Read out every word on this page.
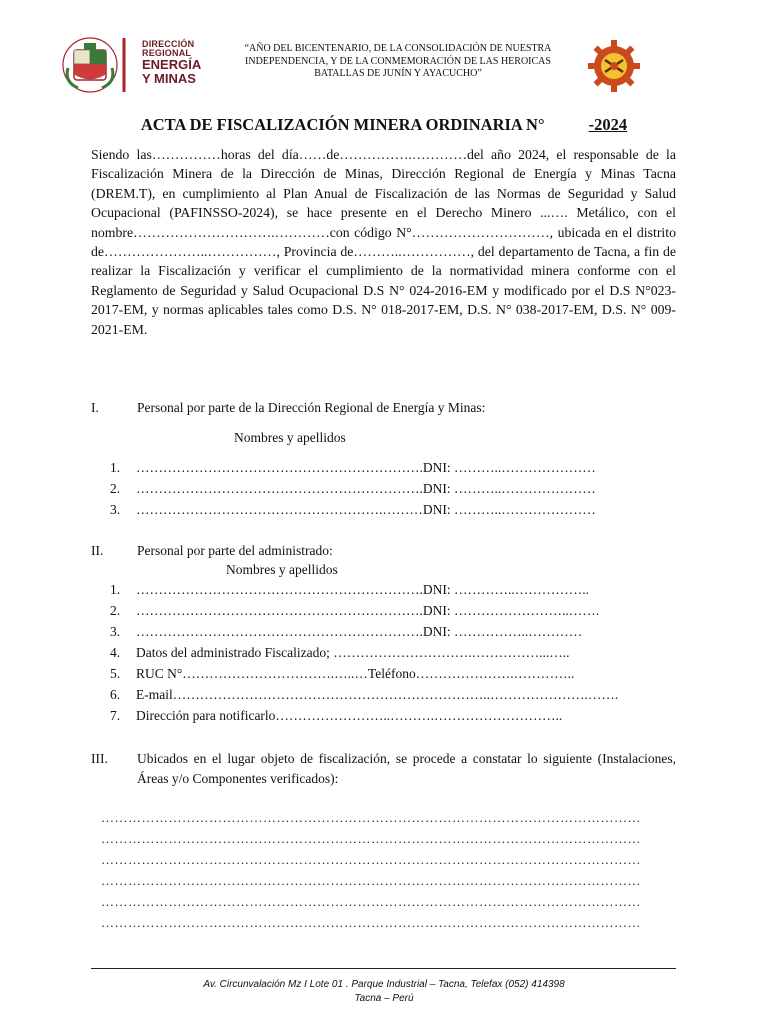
DIRECCIÓN
REGIONAL
ENERGÍA
Y MINAS
“AÑO DEL BICENTENARIO, DE LA CONSOLIDACIÓN DE NUESTRA
INDEPENDENCIA, Y DE LA CONMEMORACIÓN DE LAS HEROICAS
BATALLAS DE JUNÍN Y AYACUCHO”
ACTA DE FISCALIZACIÓN MINERA ORDINARIA N°	-2024
Siendo las……………horas del día……de…………….…………del año 2024, el responsable de la Fiscalización Minera de la Dirección de Minas, Dirección Regional de Energía y Minas Tacna (DREM.T), en cumplimiento al Plan Anual de Fiscalización de las Normas de Seguridad y Salud Ocupacional (PAFINSSO-2024), se hace presente en el Derecho Minero ...…. Metálico, con el nombre………………………….…………con código N°…………………………, ubicada en el distrito de…………………..……………, Provincia de………..……………, del departamento de Tacna, a fin de realizar la Fiscalización y verificar el cumplimiento de la normatividad minera conforme con el Reglamento de Seguridad y Salud Ocupacional D.S N° 024-2016-EM y modificado por el D.S N°023-2017-EM, y normas aplicables tales como D.S. N° 018-2017-EM, D.S. N° 038-2017-EM, D.S. N° 009-2021-EM.
I.	Personal por parte de la Dirección Regional de Energía y Minas:
Nombres y apellidos
1. ……………………………………………………….DNI: ………..…………………
2. ……………………………………………………….DNI: ………..…………………
3. ……………………………………………….………DNI: ………..…………………
II. Personal por parte del administrado:
Nombres y apellidos
1. ……………………………………………………….DNI: …………..……………..
2. ……………………………………………………….DNI: ……………………..…….
3. ……………………………………………………….DNI: ……………..…………
4. Datos del administrado Fiscalizado; ………………………….……………...…..
5. RUC N°…………………………….…..…Teléfono………………….…………..
6. E-mail……………………………………………………………..………………….…….
7. Dirección para notificarlo……………………..……….………………………..
III. Ubicados en el lugar objeto de fiscalización, se procede a constatar lo siguiente (Instalaciones, Áreas y/o Componentes verificados):
…………………………………………………………………………………………………………
…………………………………………………………………………………………………………
…………………………………………………………………………………………………………
…………………………………………………………………………………………………………
…………………………………………………………………………………………………………
…………………………………………………………………………………………………………
Av. Circunvalación Mz I Lote 01 . Parque Industrial – Tacna, Telefax (052) 414398
Tacna – Perú
